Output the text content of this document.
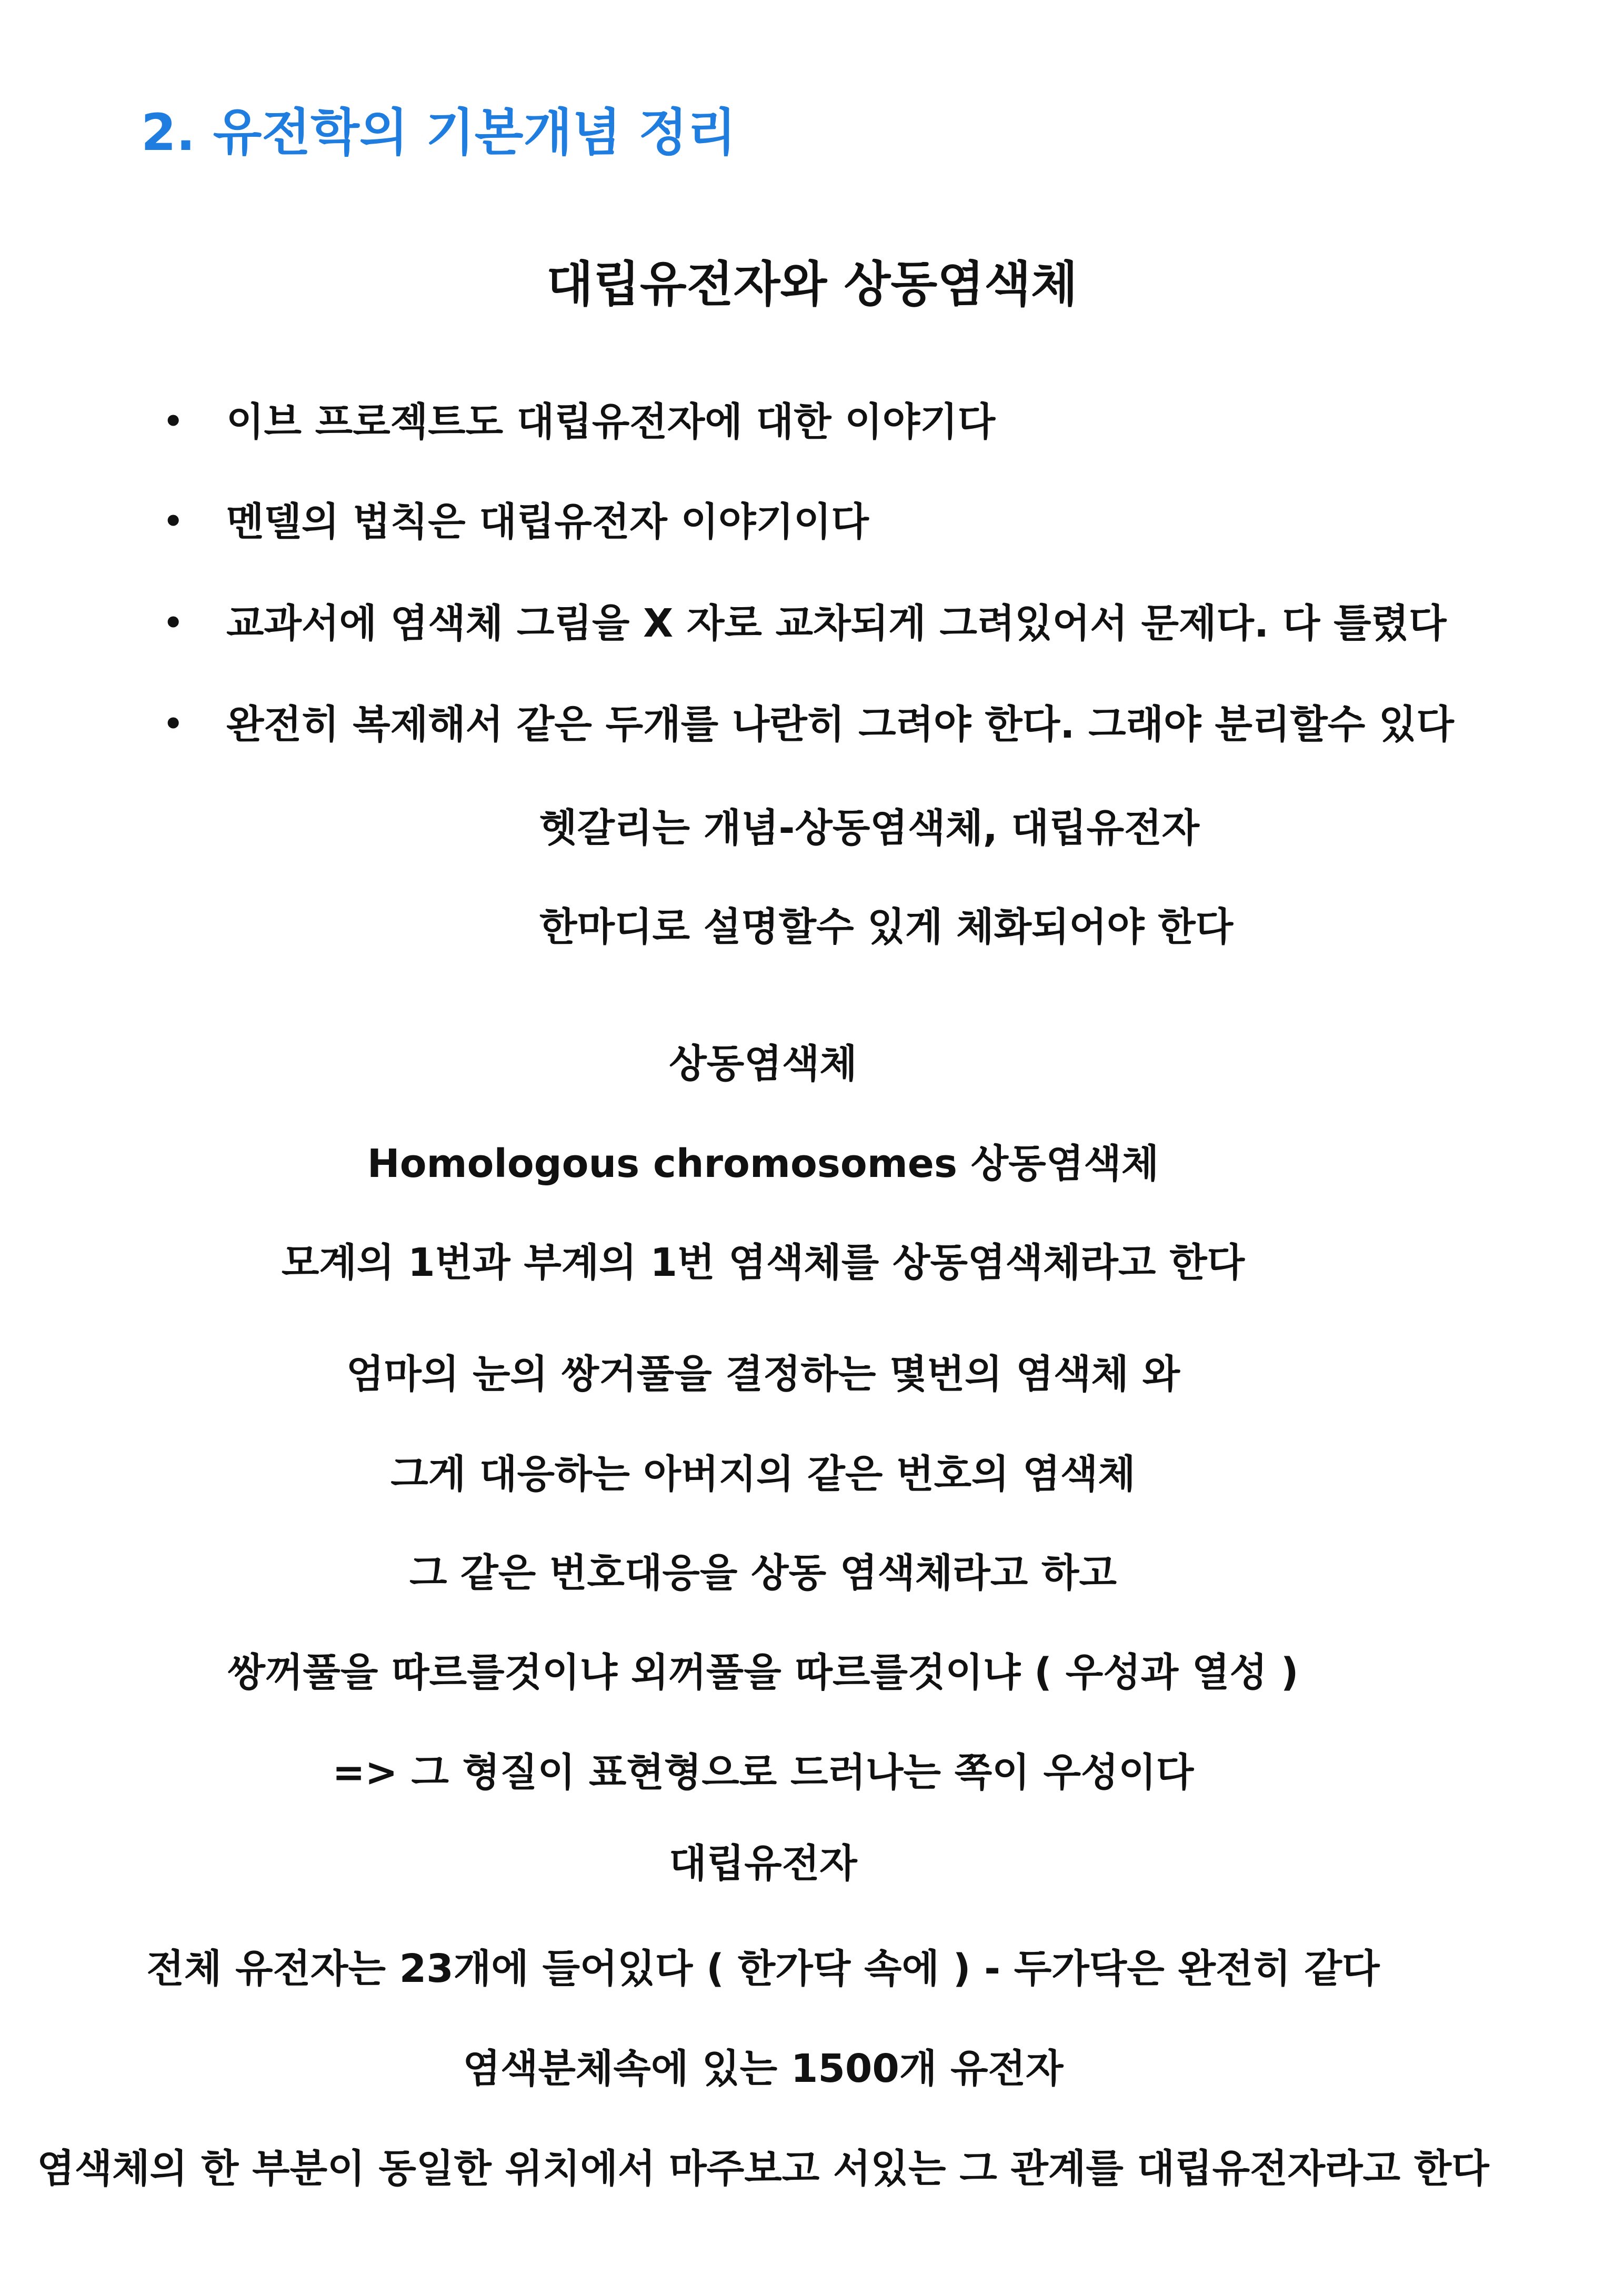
2. 유전학의 기본개념 정리
대립유전자와 상동염색체
• 이브 프로젝트도 대립유전자에 대한 이야기다
• 멘델의 법칙은 대립유전자 이야기이다
• 교과서에 염색체 그림을 X 자로 교차되게 그려있어서 문제다. 다 틀렸다
• 완전히 복제해서 같은 두개를 나란히 그려야 한다. 그래야 분리할수 있다
헷갈리는 개념-상동염색체, 대립유전자
한마디로 설명할수 있게 체화되어야 한다
상동염색체
Homologous chromosomes 상동염색체
모계의 1번과 부계의 1번 염색체를 상동염색체라고 한다
엄마의 눈의 쌍거풀을 결정하는 몇번의 염색체 와
그게 대응하는 아버지의 같은 번호의 염색체
그 같은 번호대응을 상동 염색체라고 하고
쌍꺼풀을 따르를것이냐 외꺼풀을 따르를것이냐 ( 우성과 열성 )
=> 그 형질이 표현형으로 드러나는 쪽이 우성이다
대립유전자
전체 유전자는 23개에 들어있다 ( 한가닥 속에 ) - 두가닥은 완전히 같다
염색분체속에 있는 1500개 유전자
염색체의 한 부분이 동일한 위치에서 마주보고 서있는 그 관계를 대립유전자라고 한다
